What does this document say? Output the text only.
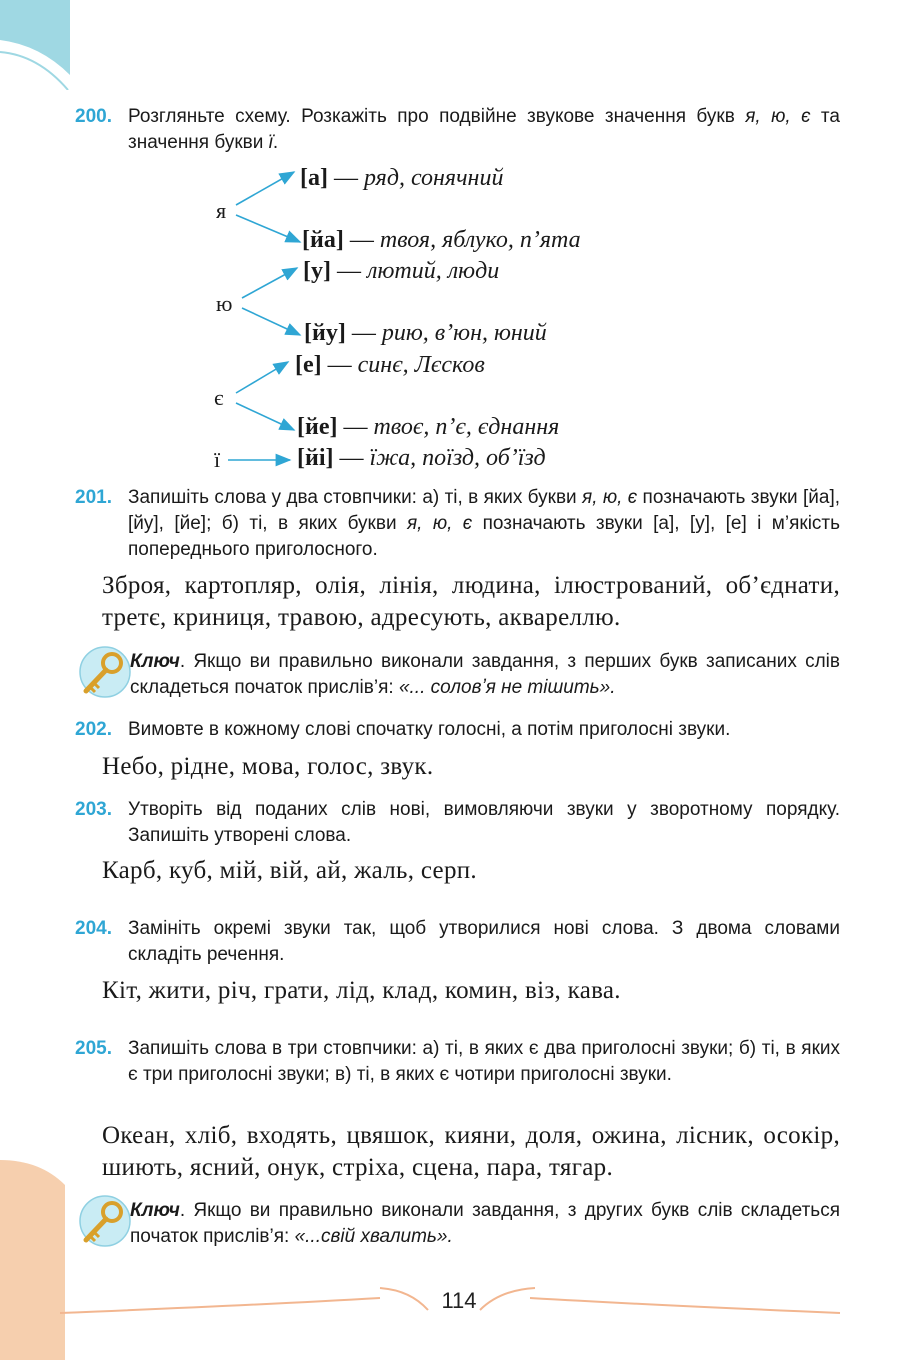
200. Розгляньте схему. Розкажіть про подвійне звукове значення букв я, ю, є та значення букви ї.
я
[а] — ряд, сонячний
[йа] — твоя, яблуко, п’ята
ю
[у] — лютий, люди
[йу] — рию, в’юн, юний
є
[е] — синє, Лєсков
[йе] — твоє, п’є, єднання
ї	[йі] — їжа, поїзд, об’їзд
201. Запишіть слова у два стовпчики: а) ті, в яких букви я, ю, є позначають звуки [йа], [йу], [йе]; б) ті, в яких букви я, ю, є позначають звуки [а], [у], [е] і м’якість попереднього приголосного.
Зброя, картопляр, олія, лінія, людина, ілюстрований, об’єднати, третє, криниця, травою, адресують, аквареллю.
Ключ. Якщо ви правильно виконали завдання, з перших букв записаних слів складеться початок прислів’я: «... соловʼя не тішить».
202. Вимовте в кожному слові спочатку голосні, а потім приголосні звуки.
Небо, рідне, мова, голос, звук.
203. Утворіть від поданих слів нові, вимовляючи звуки у зворотному порядку. Запишіть утворені слова.
Карб, куб, мій, вій, ай, жаль, серп.
204. Замініть окремі звуки так, щоб утворилися нові слова. З двома словами складіть речення.
Кіт, жити, річ, грати, лід, клад, комин, віз, кава.
205. Запишіть слова в три стовпчики: а) ті, в яких є два приголосні звуки; б) ті, в яких є три приголосні звуки; в) ті, в яких є чотири приголосні звуки.
Океан, хліб, входять, цвяшок, кияни, доля, ожина, лісник, осокір, шиють, ясний, онук, стріха, сцена, пара, тягар.
Ключ. Якщо ви правильно виконали завдання, з других букв слів складеться початок прислів’я: «...свій хвалить».
114
